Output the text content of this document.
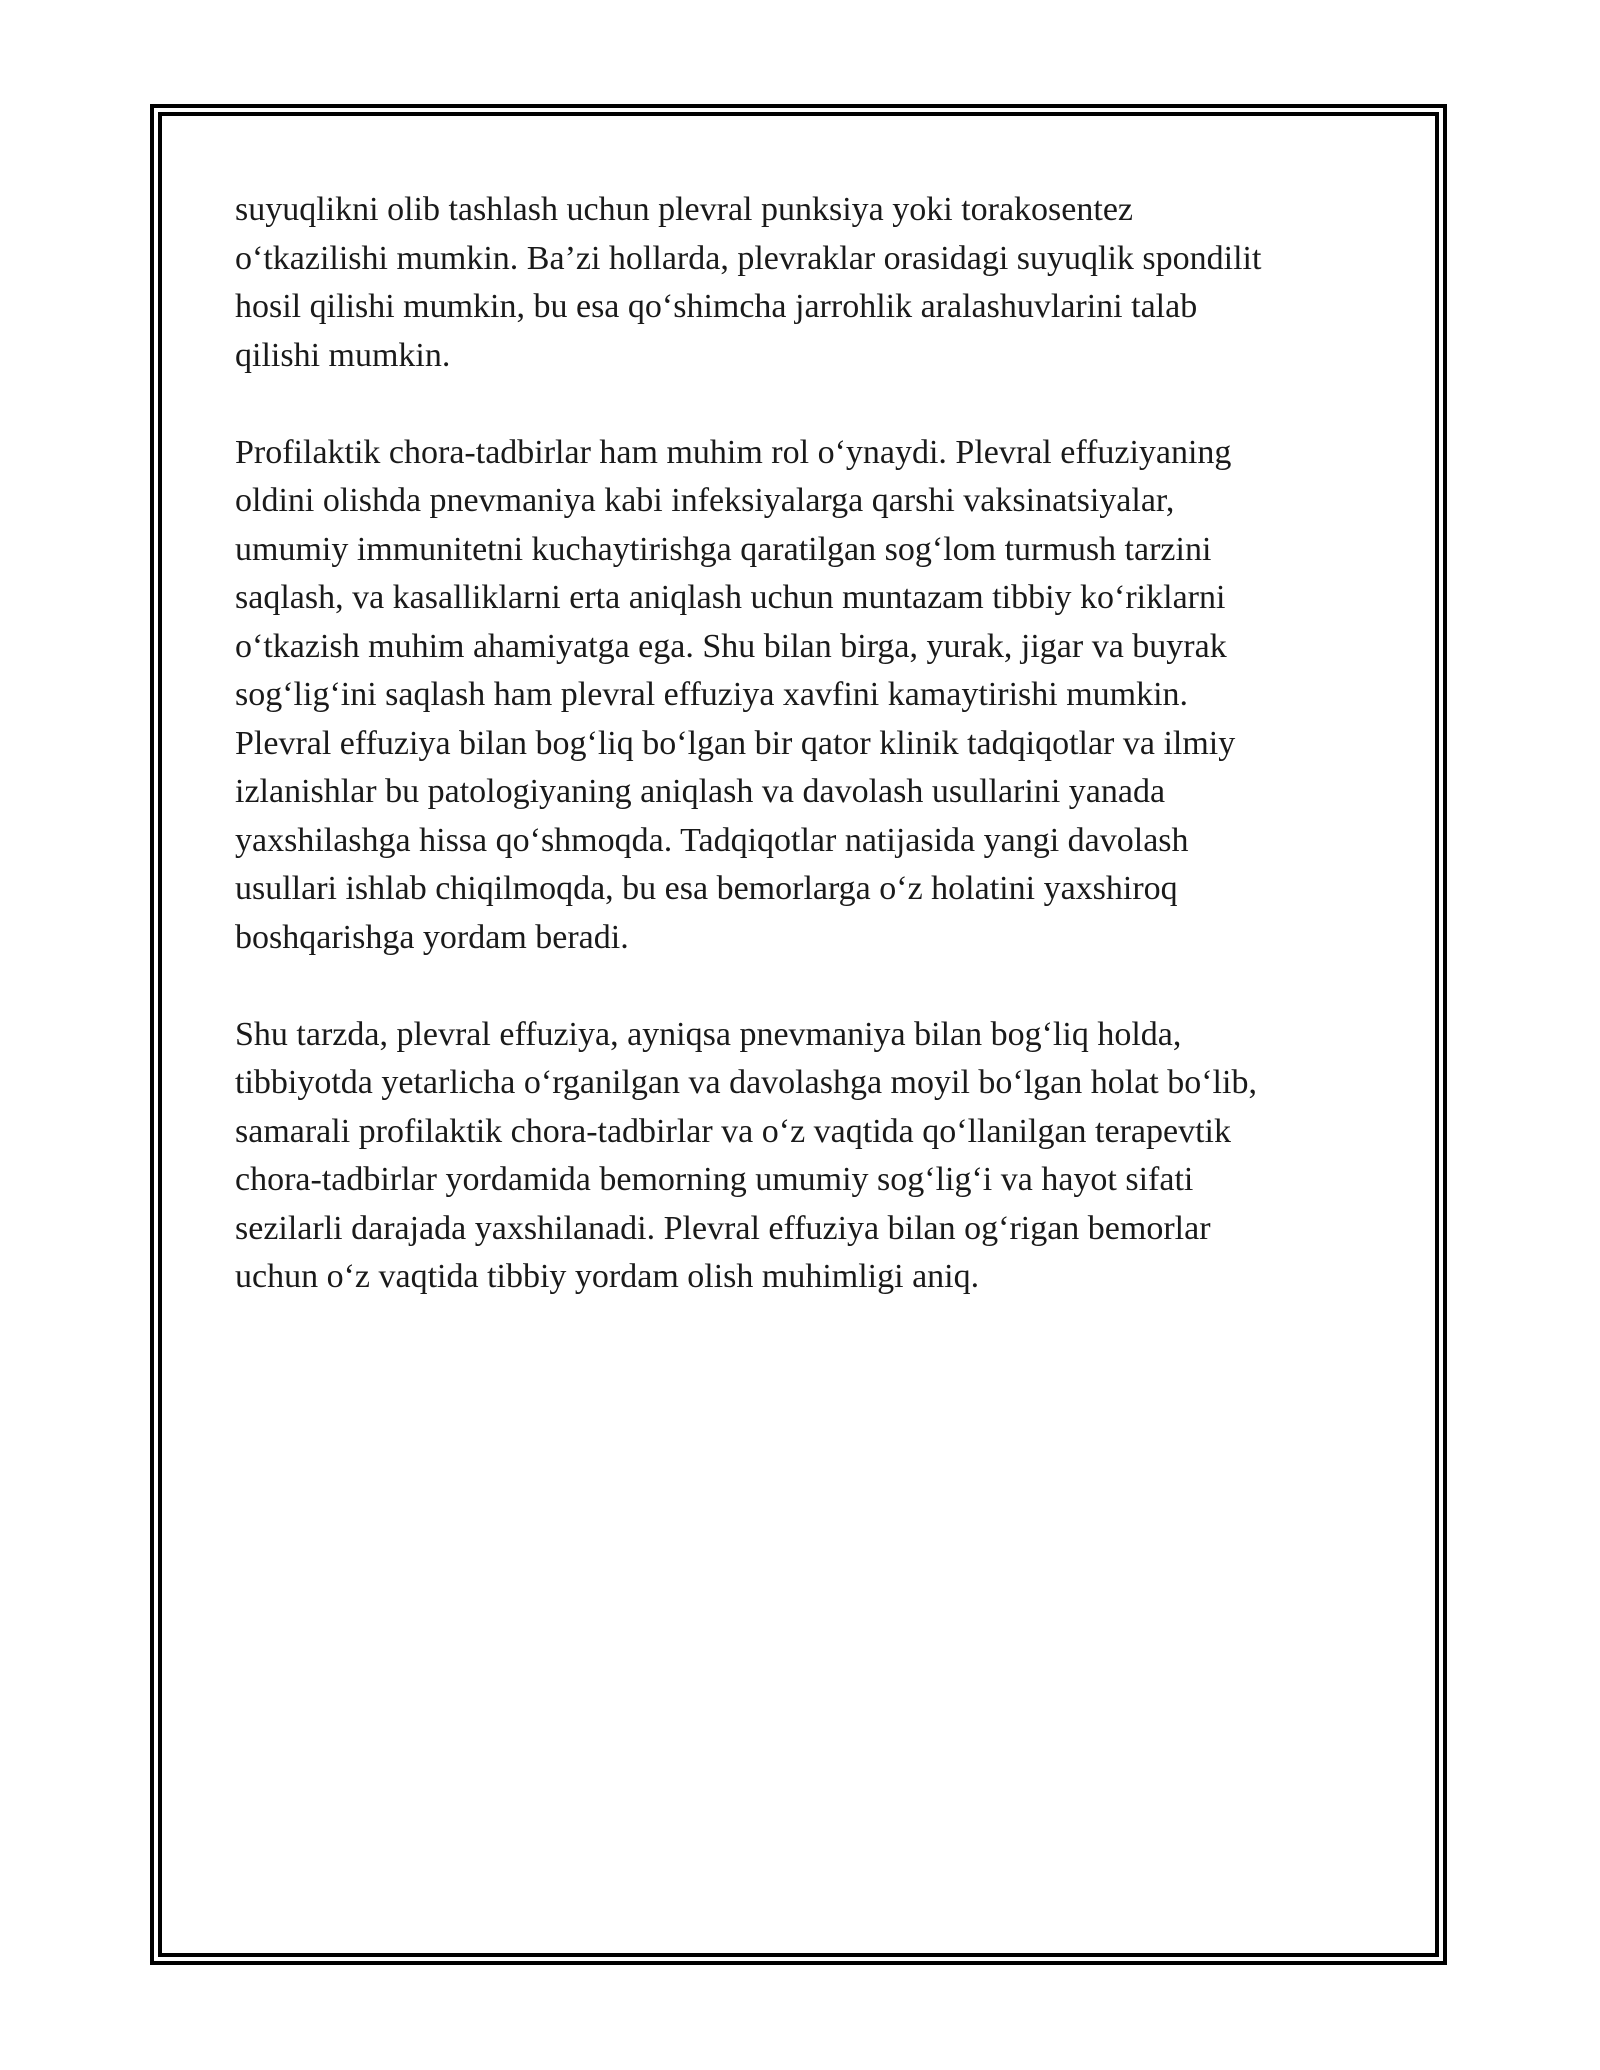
suyuqlikni olib tashlash uchun plevral punksiya yoki torakosentez
o‘tkazilishi mumkin. Ba’zi hollarda, plevraklar orasidagi suyuqlik spondilit
hosil qilishi mumkin, bu esa qo‘shimcha jarrohlik aralashuvlarini talab
qilishi mumkin.

Profilaktik chora-tadbirlar ham muhim rol o‘ynaydi. Plevral effuziyaning
oldini olishda pnevmaniya kabi infeksiyalarga qarshi vaksinatsiyalar,
umumiy immunitetni kuchaytirishga qaratilgan sog‘lom turmush tarzini
saqlash, va kasalliklarni erta aniqlash uchun muntazam tibbiy ko‘riklarni
o‘tkazish muhim ahamiyatga ega. Shu bilan birga, yurak, jigar va buyrak
sog‘lig‘ini saqlash ham plevral effuziya xavfini kamaytirishi mumkin.
Plevral effuziya bilan bog‘liq bo‘lgan bir qator klinik tadqiqotlar va ilmiy
izlanishlar bu patologiyaning aniqlash va davolash usullarini yanada
yaxshilashga hissa qo‘shmoqda. Tadqiqotlar natijasida yangi davolash
usullari ishlab chiqilmoqda, bu esa bemorlarga o‘z holatini yaxshiroq
boshqarishga yordam beradi.

Shu tarzda, plevral effuziya, ayniqsa pnevmaniya bilan bog‘liq holda,
tibbiyotda yetarlicha o‘rganilgan va davolashga moyil bo‘lgan holat bo‘lib,
samarali profilaktik chora-tadbirlar va o‘z vaqtida qo‘llanilgan terapevtik
chora-tadbirlar yordamida bemorning umumiy sog‘lig‘i va hayot sifati
sezilarli darajada yaxshilanadi. Plevral effuziya bilan og‘rigan bemorlar
uchun o‘z vaqtida tibbiy yordam olish muhimligi aniq.
